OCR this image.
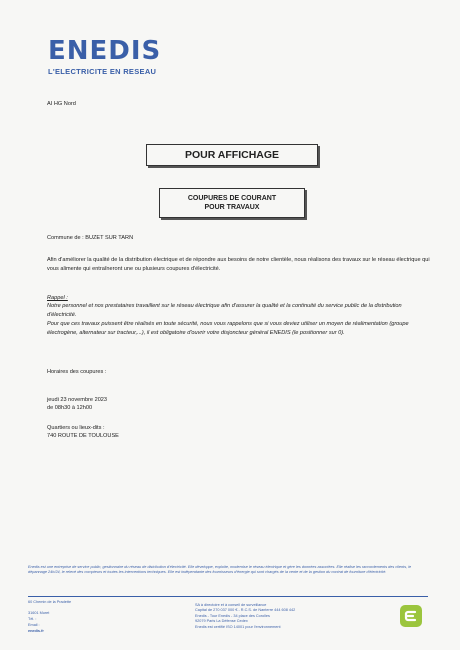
ENEDIS
L'ELECTRICITE EN RESEAU
AI HG Nord
POUR AFFICHAGE
COUPURES DE COURANT
POUR TRAVAUX
Commune de : BUZET SUR TARN
Afin d'améliorer la qualité de la distribution électrique et de répondre aux besoins de notre clientèle, nous réalisons des travaux sur le réseau électrique qui vous alimente qui entraîneront une ou plusieurs coupures d'électricité.
Rappel :
Notre personnel et nos prestataires travaillent sur le réseau électrique afin d'assurer la qualité et la continuité du service public de la distribution d'électricité.
Pour que ces travaux puissent être réalisés en toute sécurité, nous vous rappelons que si vous deviez utiliser un moyen de réalimentation (groupe électrogène, alternateur sur tracteur,...), il est obligatoire d'ouvrir votre disjoncteur général ENEDIS (le positionner sur 0).
Horaires des coupures :
jeudi 23 novembre 2023
de 08h30 à 12h00
Quartiers ou lieux-dits :
740 ROUTE DE TOULOUSE
Enedis est une entreprise de service public, gestionnaire du réseau de distribution d'électricité. Elle développe, exploite, modernise le réseau électrique et gère les données associées. Elle réalise les raccordements des clients, le dépannage 24h/24, le relevé des compteurs et toutes les interventions techniques. Elle est indépendante des fournisseurs d'énergie qui sont chargés de la vente et de la gestion du contrat de fourniture d'électricité.
60 Chemin de la Pradette
31601 Muret
Tél. :
Email :
enedis.fr
SA à directoire et à conseil de surveillance
Capital de 270 037 000 € - R.C.S. de Nanterre 444 608 442
Enedis - Tour Enedis - 34 place des Corolles
92079 Paris La Défense Cedex
Enedis est certifié ISO 14001 pour l'environnement
